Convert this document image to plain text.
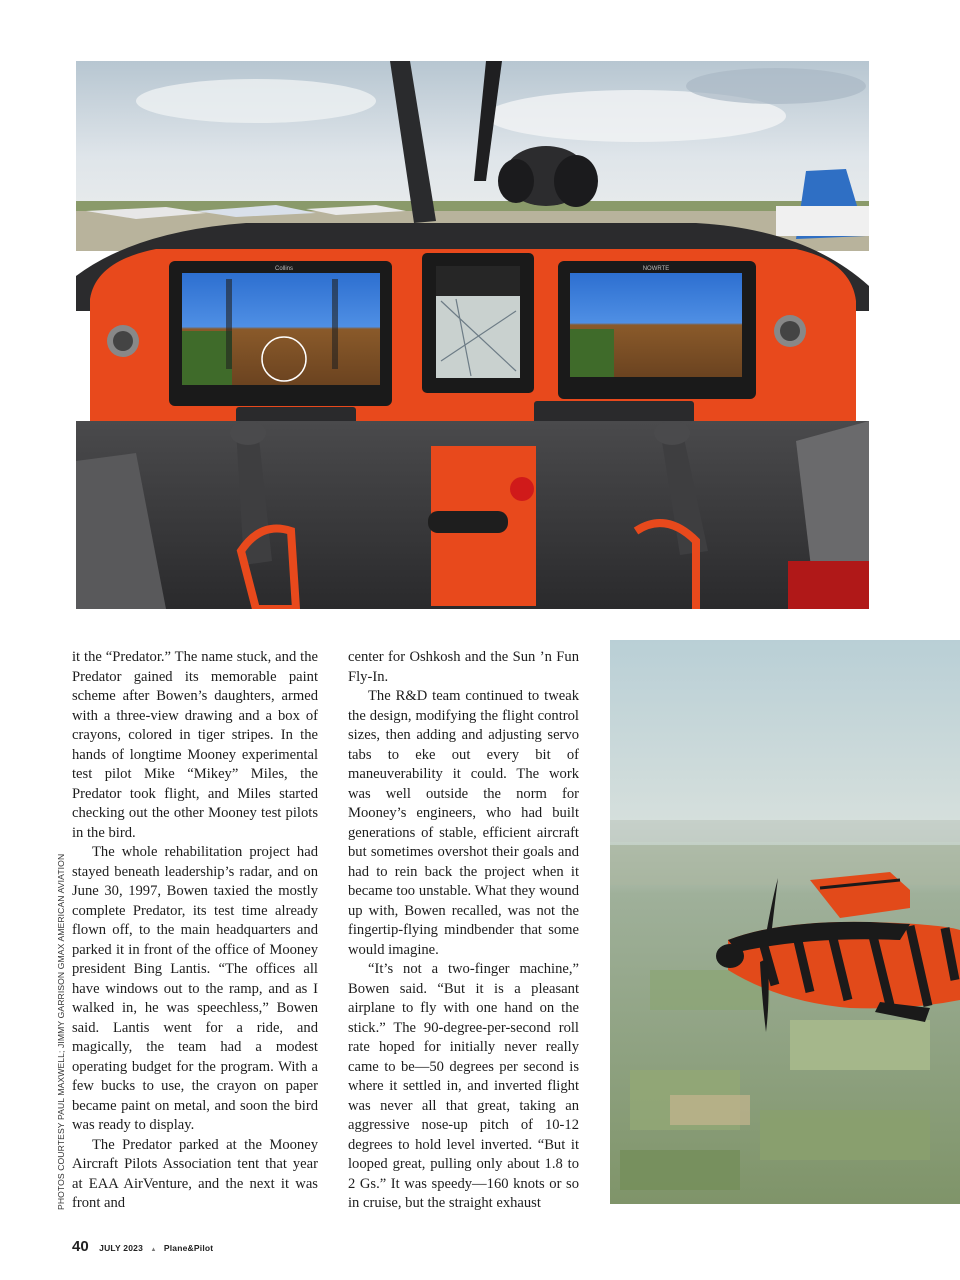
Collins	NOWRTE
PHOTOS COURTESY PAUL MAXWELL; JIMMY GARRISON GMAX AMERICAN AVIATION

it the “Predator.” The name stuck, and the Predator gained its memorable paint scheme after Bowen’s daughters, armed with a three-view drawing and a box of crayons, colored in tiger stripes. In the hands of longtime Mooney experimental test pilot Mike “Mikey” Miles, the Predator took flight, and Miles started checking out the other Mooney test pilots in the bird.

The whole rehabilitation project had stayed beneath leadership’s radar, and on June 30, 1997, Bowen taxied the mostly complete Predator, its test time already flown off, to the main headquarters and parked it in front of the office of Mooney president Bing Lantis. “The offices all have windows out to the ramp, and as I walked in, he was speechless,” Bowen said. Lantis went for a ride, and magically, the team had a modest operating budget for the program. With a few bucks to use, the crayon on paper became paint on metal, and soon the bird was ready to display.

The Predator parked at the Mooney Aircraft Pilots Association tent that year at EAA AirVenture, and the next it was front and

center for Oshkosh and the Sun ’n Fun Fly-In.

The R&D team continued to tweak the design, modifying the flight control sizes, then adding and adjusting servo tabs to eke out every bit of maneuverability it could. The work was well outside the norm for Mooney’s engineers, who had built generations of stable, efficient aircraft but sometimes overshot their goals and had to rein back the project when it became too unstable. What they wound up with, Bowen recalled, was not the fingertip-flying mindbender that some would imagine.

“It’s not a two-finger machine,” Bowen said. “But it is a pleasant airplane to fly with one hand on the stick.” The 90-degree-per-second roll rate hoped for initially never really came to be—50 degrees per second is where it settled in, and inverted flight was never all that great, taking an aggressive nose-up pitch of 10-12 degrees to hold level inverted. “But it looped great, pulling only about 1.8 to 2 Gs.” It was speedy—160 knots or so in cruise, but the straight exhaust

40 JULY 2023 ▲ Plane&Pilot
